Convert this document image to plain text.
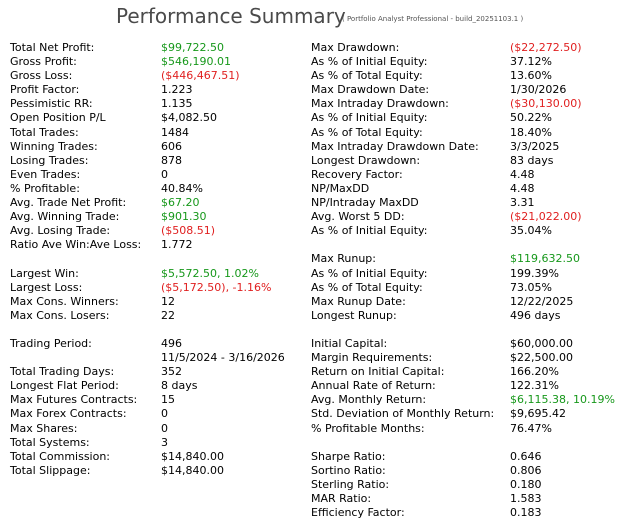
Performance Summary
( Portfolio Analyst Professional - build_20251103.1 )
Total Net Profit:	$99,722.50
Gross Profit:	$546,190.01
Gross Loss:	($446,467.51)
Profit Factor:	1.223
Pessimistic RR:	1.135
Open Position P/L	$4,082.50
Total Trades:	1484
Winning Trades:	606
Losing Trades:	878
Even Trades:	0
% Profitable:	40.84%
Avg. Trade Net Profit:	$67.20
Avg. Winning Trade:	$901.30
Avg. Losing Trade:	($508.51)
Ratio Ave Win:Ave Loss: 1.772
Largest Win:	$5,572.50, 1.02%
Largest Loss:	($5,172.50), -1.16%
Max Cons. Winners:	12
Max Cons. Losers:	22
Trading Period:	496
11/5/2024 - 3/16/2026
Total Trading Days:	352
Longest Flat Period:	8 days
Max Futures Contracts: 15
Max Forex Contracts:	0
Max Shares:	0
Total Systems:	3
Total Commission:	$14,840.00
Total Slippage:	$14,840.00
Max Drawdown:	($22,272.50)
As % of Initial Equity:	37.12%
As % of Total Equity:	13.60%
Max Drawdown Date:	1/30/2026
Max Intraday Drawdown:	($30,130.00)
As % of Initial Equity:	50.22%
As % of Total Equity:	18.40%
Max Intraday Drawdown Date:	3/3/2025
Longest Drawdown:	83 days
Recovery Factor:	4.48
NP/MaxDD	4.48
NP/Intraday MaxDD	3.31
Avg. Worst 5 DD:	($21,022.00)
As % of Initial Equity:	35.04%
Max Runup:	$119,632.50
As % of Initial Equity:	199.39%
As % of Total Equity:	73.05%
Max Runup Date:	12/22/2025
Longest Runup:	496 days
Initial Capital:	$60,000.00
Margin Requirements:	$22,500.00
Return on Initial Capital:	166.20%
Annual Rate of Return:	122.31%
Avg. Monthly Return:	$6,115.38, 10.19%
Std. Deviation of Monthly Return: $9,695.42
% Profitable Months:	76.47%
Sharpe Ratio:	0.646
Sortino Ratio:	0.806
Sterling Ratio:	0.180
MAR Ratio:	1.583
Efficiency Factor:	0.183
